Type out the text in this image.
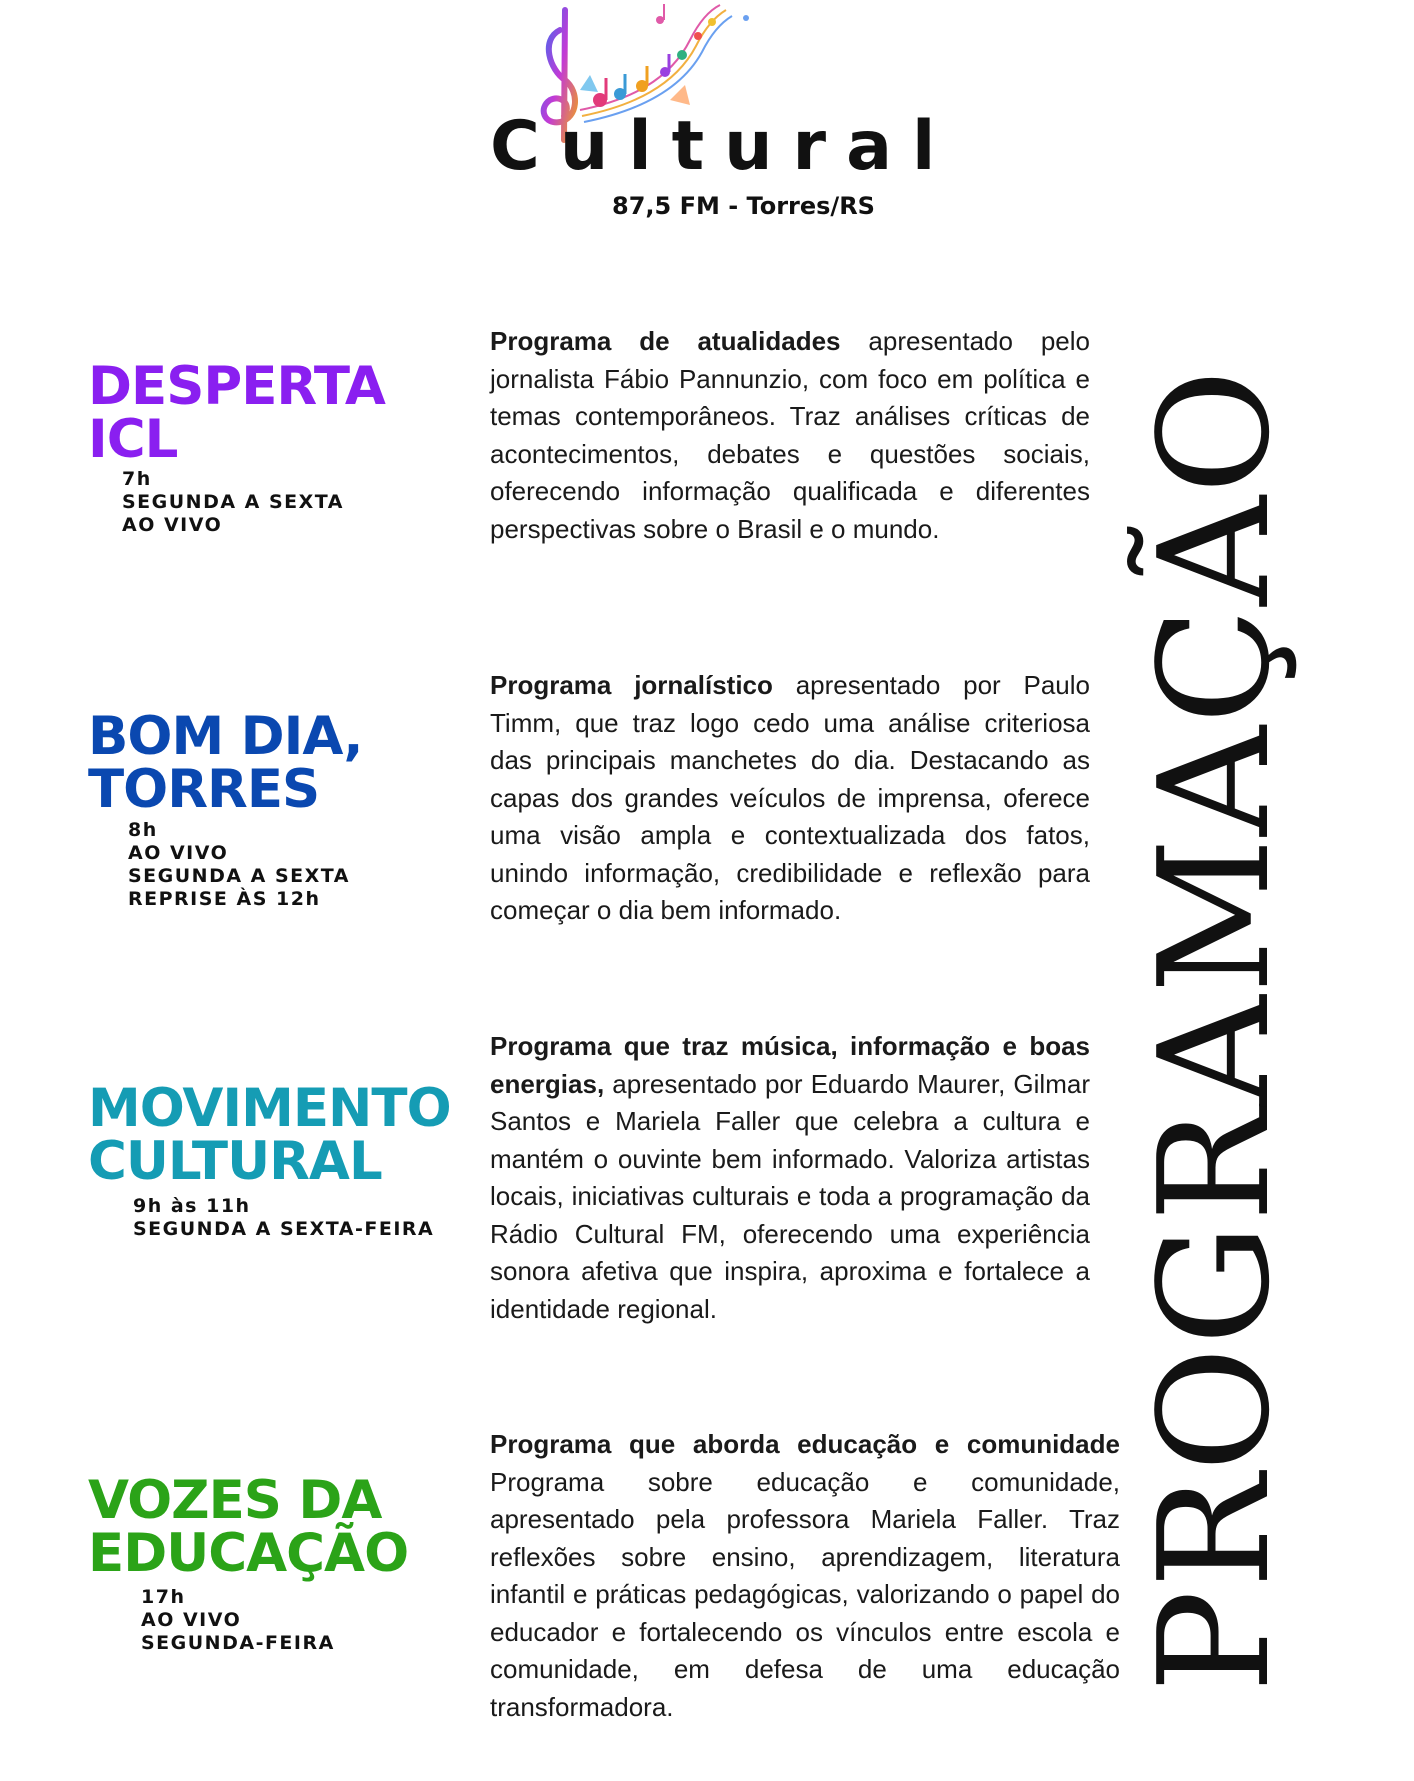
Cultural
87,5 FM - Torres/RS
PROGRAMAÇÃO
DESPERTA
ICL
7h
SEGUNDA A SEXTA
AO VIVO

Programa de atualidades apresentado pelo jornalista Fábio Pannunzio, com foco em política e temas contemporâneos. Traz análises críticas de acontecimentos, debates e questões sociais, oferecendo informação qualificada e diferentes perspectivas sobre o Brasil e o mundo.

BOM DIA,
TORRES
8h
AO VIVO
SEGUNDA A SEXTA
REPRISE ÀS 12h

Programa jornalístico apresentado por Paulo Timm, que traz logo cedo uma análise criteriosa das principais manchetes do dia. Destacando as capas dos grandes veículos de imprensa, oferece uma visão ampla e contextualizada dos fatos, unindo informação, credibilidade e reflexão para começar o dia bem informado.

MOVIMENTO
CULTURAL
9h às 11h
SEGUNDA A SEXTA-FEIRA

Programa que traz música, informação e boas energias, apresentado por Eduardo Maurer, Gilmar Santos e Mariela Faller que celebra a cultura e mantém o ouvinte bem informado. Valoriza artistas locais, iniciativas culturais e toda a programação da Rádio Cultural FM, oferecendo uma experiência sonora afetiva que inspira, aproxima e fortalece a identidade regional.

VOZES DA
EDUCAÇÃO
17h
AO VIVO
SEGUNDA-FEIRA

Programa que aborda educação e comunidade Programa sobre educação e comunidade, apresentado pela professora Mariela Faller. Traz reflexões sobre ensino, aprendizagem, literatura infantil e práticas pedagógicas, valorizando o papel do educador e fortalecendo os vínculos entre escola e comunidade, em defesa de uma educação transformadora.
